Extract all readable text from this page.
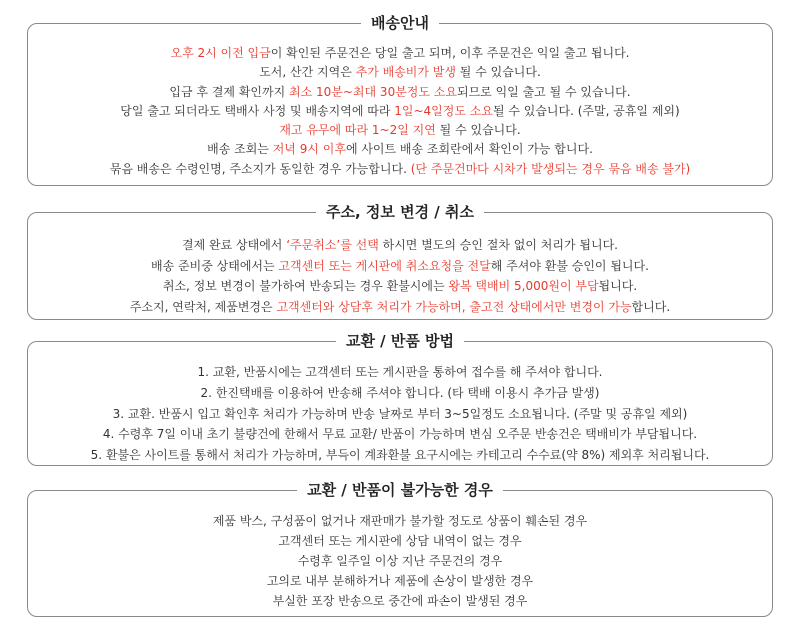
배송안내
오후 2시 이전 입금이 확인된 주문건은 당일 출고 되며, 이후 주문건은 익일 출고 됩니다.
도서, 산간 지역은 추가 배송비가 발생 될 수 있습니다.
입금 후 결제 확인까지 최소 10분~최대 30분정도 소요되므로 익일 출고 될 수 있습니다.
당일 출고 되더라도 택배사 사정 및 배송지역에 따라 1일~4일정도 소요될 수 있습니다. (주말, 공휴일 제외)
재고 유무에 따라 1~2일 지연 될 수 있습니다.
배송 조회는 저녁 9시 이후에 사이트 배송 조회란에서 확인이 가능 합니다.
묶음 배송은 수령인명, 주소지가 동일한 경우 가능합니다. (단 주문건마다 시차가 발생되는 경우 묶음 배송 불가)
주소, 정보 변경 / 취소
결제 완료 상태에서 ‘주문취소’를 선택 하시면 별도의 승인 절차 없이 처리가 됩니다.
배송 준비중 상태에서는 고객센터 또는 게시판에 취소요청을 전달해 주셔야 환불 승인이 됩니다.
취소, 정보 변경이 불가하여 반송되는 경우 환불시에는 왕복 택배비 5,000원이 부담됩니다.
주소지, 연락처, 제품변경은 고객센터와 상담후 처리가 가능하며, 출고전 상태에서만 변경이 가능합니다.
교환 / 반품 방법
1. 교환, 반품시에는 고객센터 또는 게시판을 통하여 접수를 해 주셔야 합니다.
2. 한진택배를 이용하여 반송해 주셔야 합니다. (타 택배 이용시 추가금 발생)
3. 교환. 반품시 입고 확인후 처리가 가능하며 반송 날짜로 부터 3~5일정도 소요됩니다. (주말 및 공휴일 제외)
4. 수령후 7일 이내 초기 불량건에 한해서 무료 교환/ 반품이 가능하며 변심 오주문 반송건은 택배비가 부담됩니다.
5. 환불은 사이트를 통해서 처리가 가능하며, 부득이 계좌환불 요구시에는 카테고리 수수료(약 8%) 제외후 처리됩니다.
교환 / 반품이 불가능한 경우
제품 박스, 구성품이 없거나 재판매가 불가할 정도로 상품이 훼손된 경우
고객센터 또는 게시판에 상담 내역이 없는 경우
수령후 일주일 이상 지난 주문건의 경우
고의로 내부 분해하거나 제품에 손상이 발생한 경우
부실한 포장 반송으로 중간에 파손이 발생된 경우
